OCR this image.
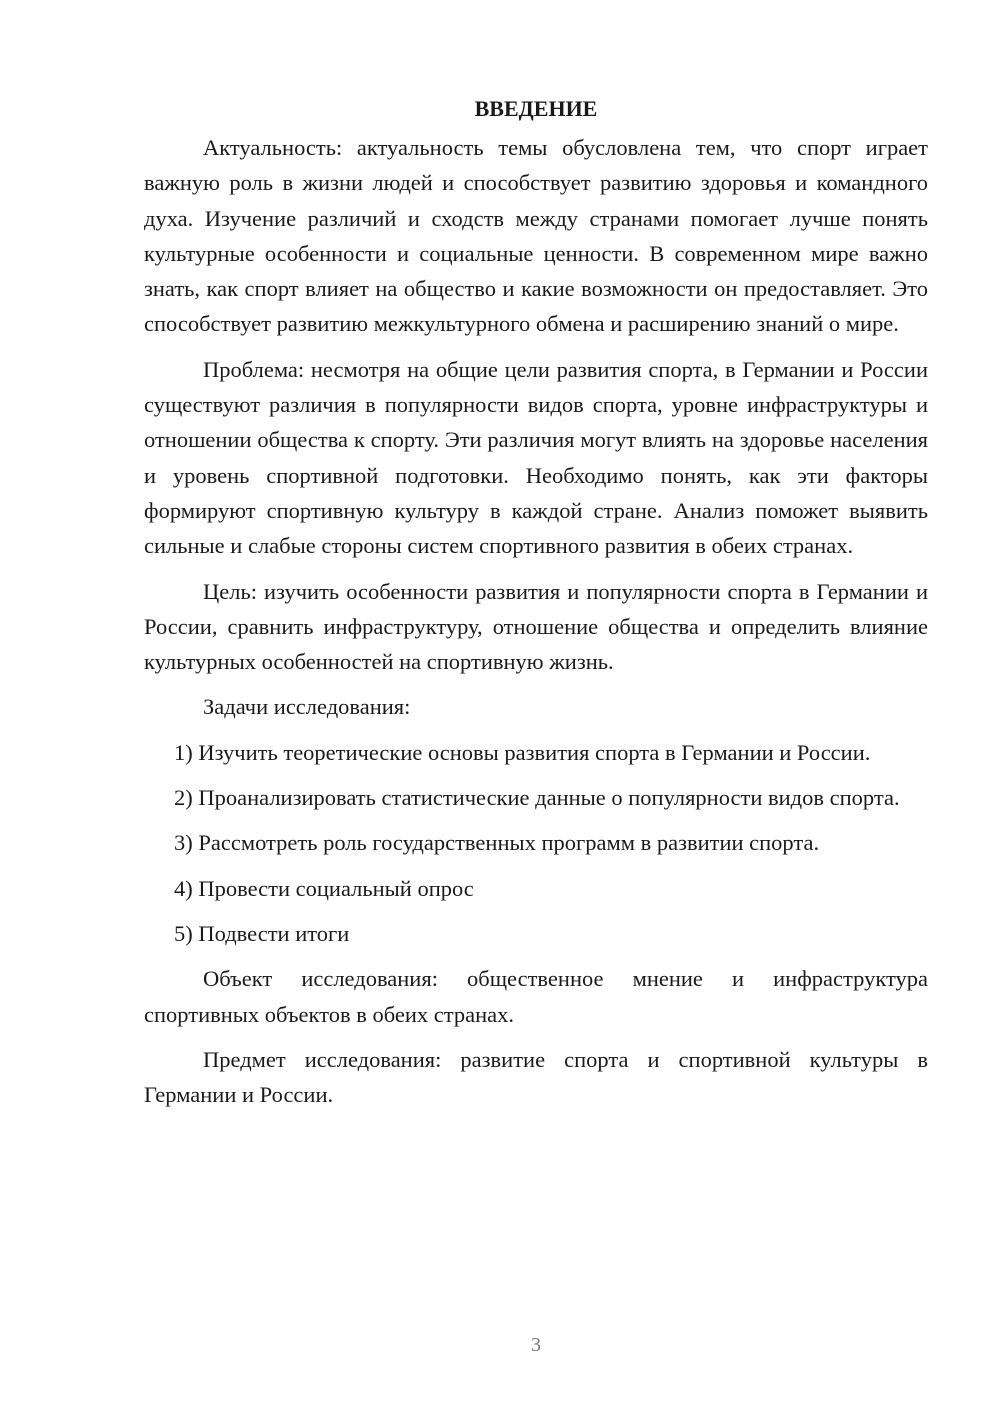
ВВЕДЕНИЕ

Актуальность: актуальность темы обусловлена тем, что спорт играет важную роль в жизни людей и способствует развитию здоровья и командного духа. Изучение различий и сходств между странами помогает лучше понять культурные особенности и социальные ценности. В современном мире важно знать, как спорт влияет на общество и какие возможности он предоставляет. Это способствует развитию межкультурного обмена и расширению знаний о мире.

Проблема: несмотря на общие цели развития спорта, в Германии и России существуют различия в популярности видов спорта, уровне инфраструктуры и отношении общества к спорту. Эти различия могут влиять на здоровье населения и уровень спортивной подготовки. Необходимо понять, как эти факторы формируют спортивную культуру в каждой стране. Анализ поможет выявить сильные и слабые стороны систем спортивного развития в обеих странах.

Цель: изучить особенности развития и популярности спорта в Германии и России, сравнить инфраструктуру, отношение общества и определить влияние культурных особенностей на спортивную жизнь.

Задачи исследования:

1) Изучить теоретические основы развития спорта в Германии и России.

2) Проанализировать статистические данные о популярности видов спорта.

3) Рассмотреть роль государственных программ в развитии спорта.

4) Провести социальный опрос

5) Подвести итоги

Объект исследования: общественное мнение и инфраструктура спортивных объектов в обеих странах.

Предмет исследования: развитие спорта и спортивной культуры в Германии и России.

3
